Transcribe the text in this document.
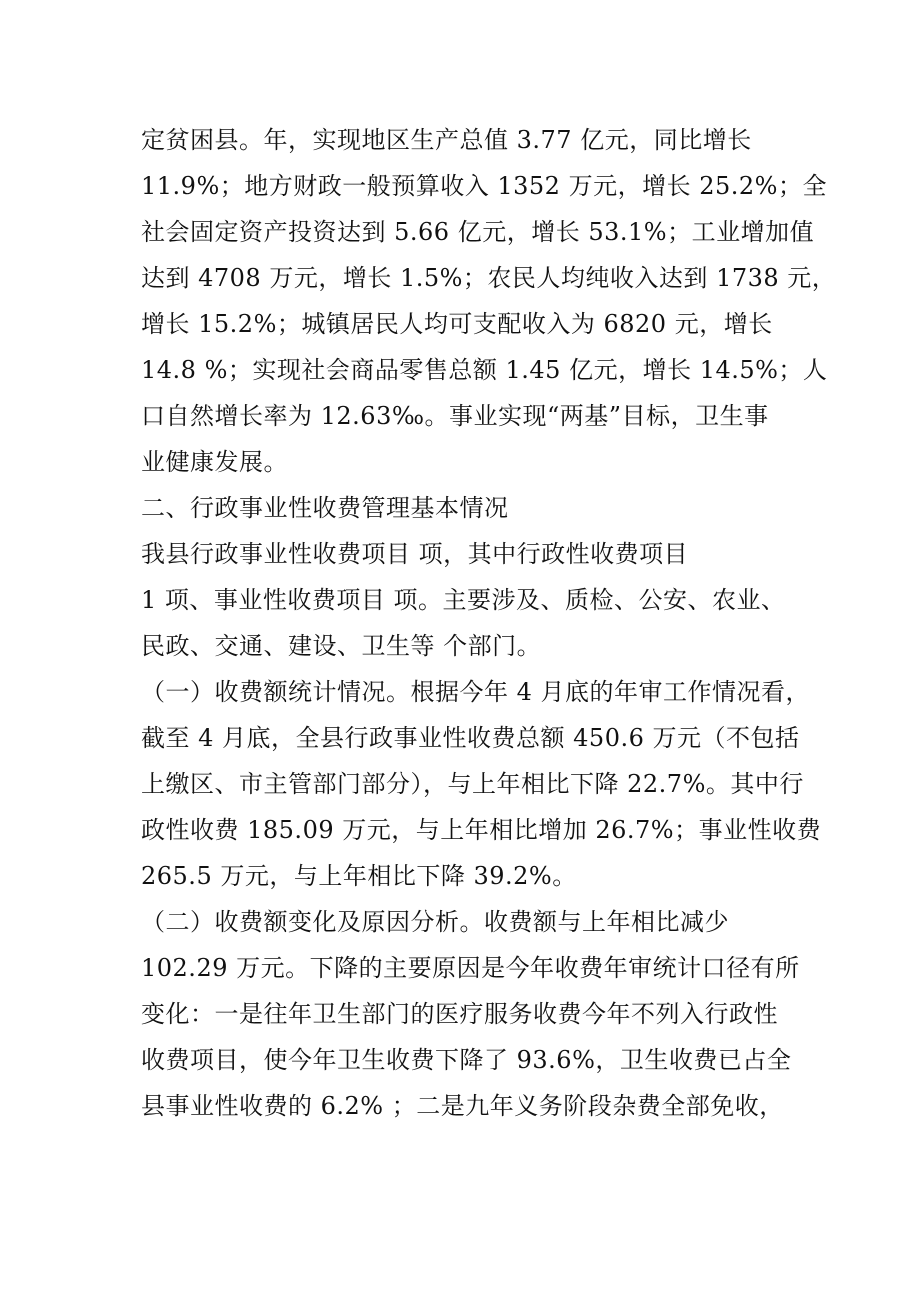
定贫困县。年，实现地区生产总值 3.77 亿元，同比增长
11.9%；地方财政一般预算收入 1352 万元，增长 25.2%；全
社会固定资产投资达到 5.66 亿元，增长 53.1%；工业增加值
达到 4708 万元，增长 1.5%；农民人均纯收入达到 1738 元，
增长 15.2%；城镇居民人均可支配收入为 6820 元，增长
14.8 %；实现社会商品零售总额 1.45 亿元，增长 14.5%；人
口自然增长率为 12.63‰。事业实现“两基”目标，卫生事
业健康发展。
二、行政事业性收费管理基本情况
我县行政事业性收费项目 项，其中行政性收费项目
1 项、事业性收费项目 项。主要涉及、质检、公安、农业、
民政、交通、建设、卫生等 个部门。
（一）收费额统计情况。根据今年 4 月底的年审工作情况看，
截至 4 月底，全县行政事业性收费总额 450.6 万元（不包括
上缴区、市主管部门部分），与上年相比下降 22.7%。其中行
政性收费 185.09 万元，与上年相比增加 26.7%；事业性收费
265.5 万元，与上年相比下降 39.2%。
（二）收费额变化及原因分析。收费额与上年相比减少
102.29 万元。下降的主要原因是今年收费年审统计口径有所
变化：一是往年卫生部门的医疗服务收费今年不列入行政性
收费项目，使今年卫生收费下降了 93.6%，卫生收费已占全
县事业性收费的 6.2% ；二是九年义务阶段杂费全部免收，
